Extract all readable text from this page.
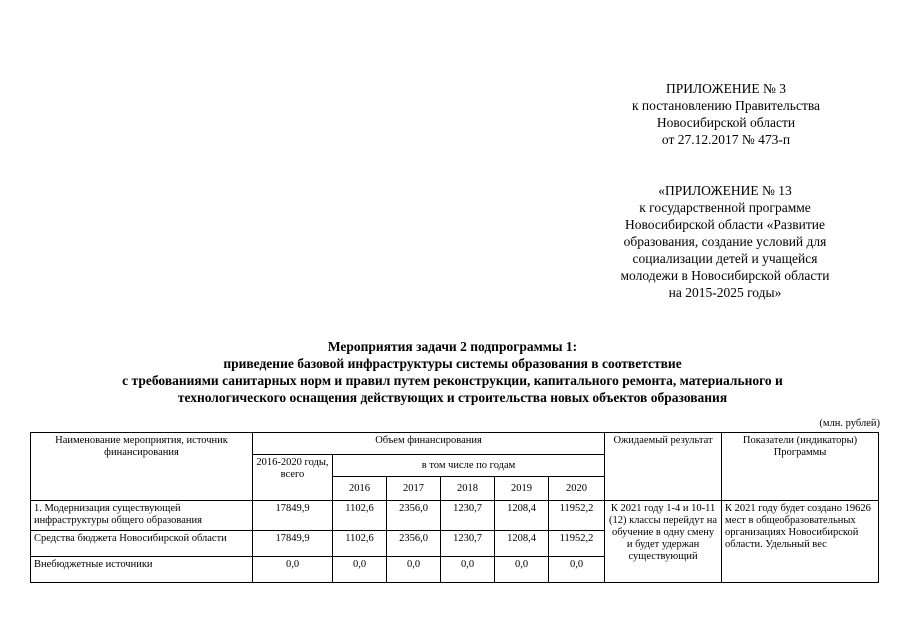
ПРИЛОЖЕНИЕ № 3
к постановлению Правительства
Новосибирской области
от 27.12.2017 № 473-п
«ПРИЛОЖЕНИЕ № 13
к государственной программе
Новосибирской области «Развитие
образования, создание условий для
социализации детей и учащейся
молодежи в Новосибирской области
на 2015-2025 годы»
Мероприятия задачи 2 подпрограммы 1:
приведение базовой инфраструктуры системы образования в соответствие
с требованиями санитарных норм и правил путем реконструкции, капитального ремонта, материального и
технологического оснащения действующих и строительства новых объектов образования
(млн. рублей)
Наименование мероприятия, источник финансирования	Объем финансирования						Ожидаемый результат	Показатели (индикаторы) Программы
	2016-2020 годы, всего	в том числе по годам						
		2016	2017	2018	2019	2020		
1. Модернизация существующей инфраструктуры общего образования	17849,9	1102,6	2356,0	1230,7	1208,4	11952,2	К 2021 году 1-4 и 10-11 (12) классы перейдут на обучение в одну смену и будет удержан существующий	К 2021 году будет создано 19626 мест в общеобразовательных организациях Новосибирской области. Удельный вес
Средства бюджета Новосибирской области	17849,9	1102,6	2356,0	1230,7	1208,4	11952,2		
Внебюджетные источники	0,0	0,0	0,0	0,0	0,0	0,0		
